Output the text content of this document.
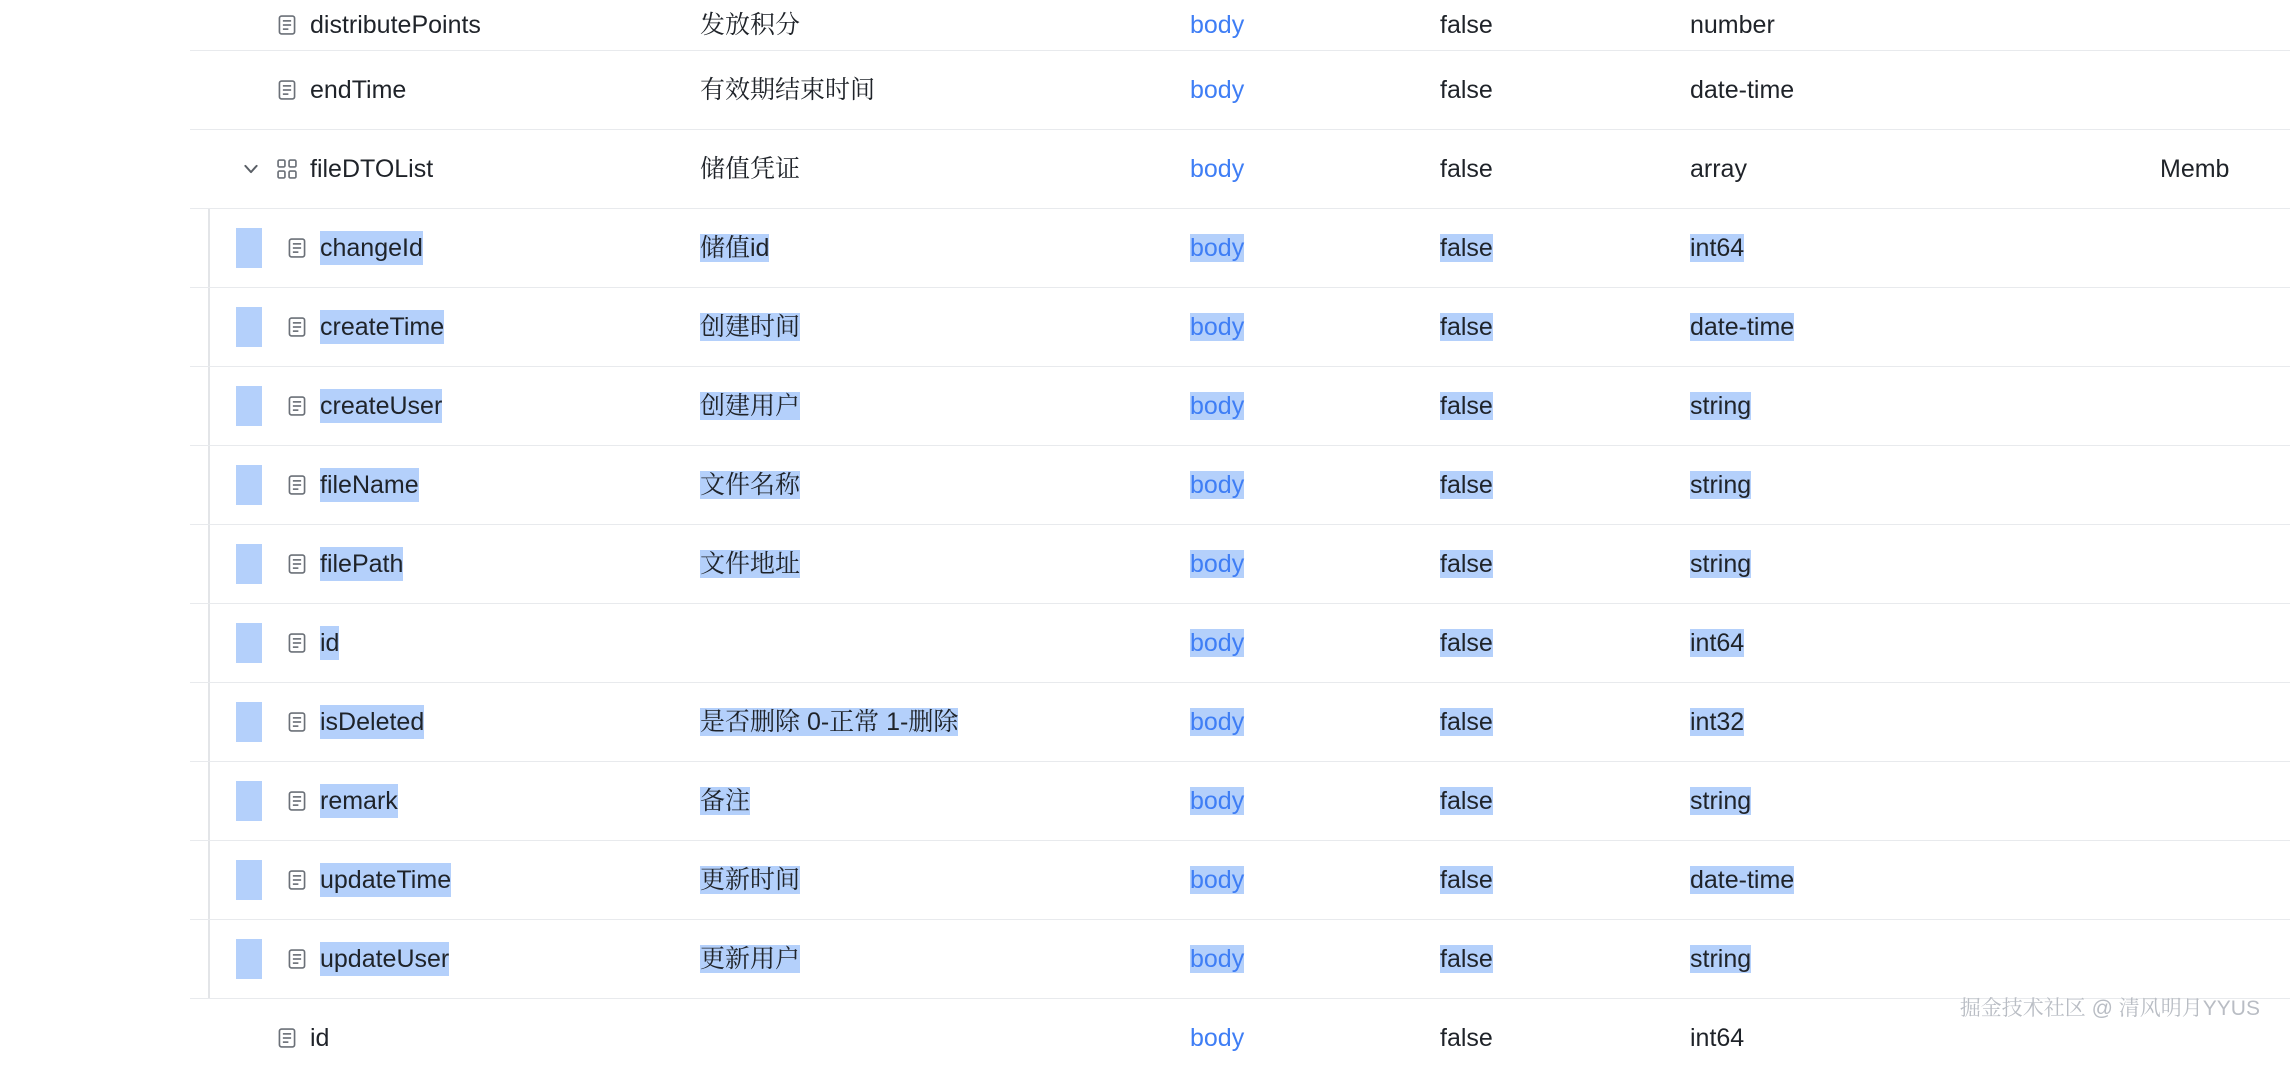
distributePoints	发放积分	body	false	number	

endTime	有效期结束时间	body	false	date-time	

fileDTOList	储值凭证	body	false	array	Memb

changeId	储值id	body	false	int64	

createTime	创建时间	body	false	date-time	

createUser	创建用户	body	false	string	

fileName	文件名称	body	false	string	

filePath	文件地址	body	false	string	

id		body	false	int64	

isDeleted	是否删除 0-正常 1-删除	body	false	int32	

remark	备注	body	false	string	

updateTime	更新时间	body	false	date-time	

updateUser	更新用户	body	false	string	

id		body	false	int64	

掘金技术社区 @ 清风明月YYUS
